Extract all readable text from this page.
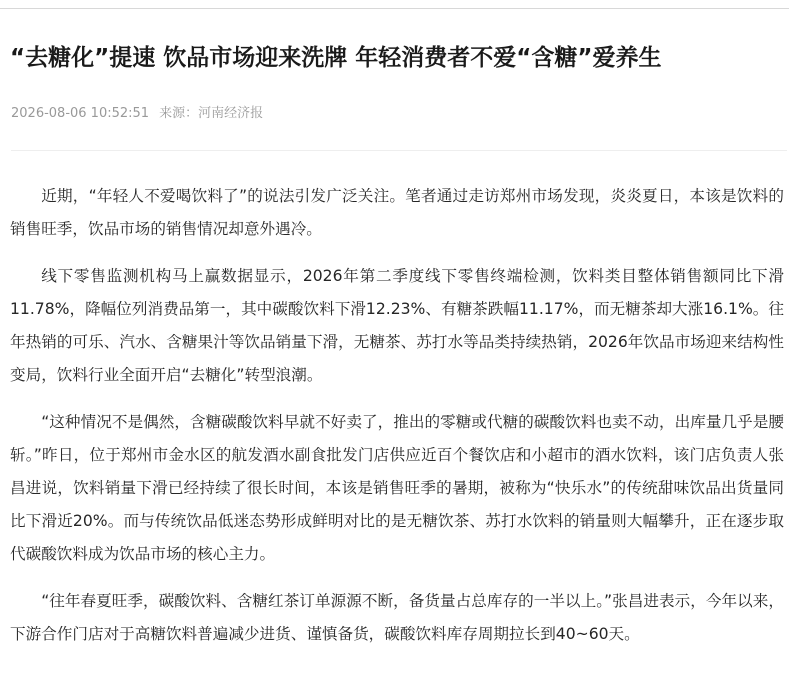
“去糖化”提速 饮品市场迎来洗牌 年轻消费者不爱“含糖”爱养生
2026-08-06 10:52:51 来源：河南经济报

近期，“年轻人不爱喝饮料了”的说法引发广泛关注。笔者通过走访郑州市场发现，炎炎夏日，本该是饮料的销售旺季，饮品市场的销售情况却意外遇冷。

线下零售监测机构马上赢数据显示，2026年第二季度线下零售终端检测，饮料类目整体销售额同比下滑11.78%，降幅位列消费品第一，其中碳酸饮料下滑12.23%、有糖茶跌幅11.17%，而无糖茶却大涨16.1%。往年热销的可乐、汽水、含糖果汁等饮品销量下滑，无糖茶、苏打水等品类持续热销，2026年饮品市场迎来结构性变局，饮料行业全面开启“去糖化”转型浪潮。

“这种情况不是偶然，含糖碳酸饮料早就不好卖了，推出的零糖或代糖的碳酸饮料也卖不动，出库量几乎是腰斩。”昨日，位于郑州市金水区的航发酒水副食批发门店供应近百个餐饮店和小超市的酒水饮料，该门店负责人张昌进说，饮料销量下滑已经持续了很长时间，本该是销售旺季的暑期，被称为“快乐水”的传统甜味饮品出货量同比下滑近20%。而与传统饮品低迷态势形成鲜明对比的是无糖饮茶、苏打水饮料的销量则大幅攀升，正在逐步取代碳酸饮料成为饮品市场的核心主力。

“往年春夏旺季，碳酸饮料、含糖红茶订单源源不断，备货量占总库存的一半以上。”张昌进表示，今年以来，下游合作门店对于高糖饮料普遍减少进货、谨慎备货，碳酸饮料库存周期拉长到40~60天。
